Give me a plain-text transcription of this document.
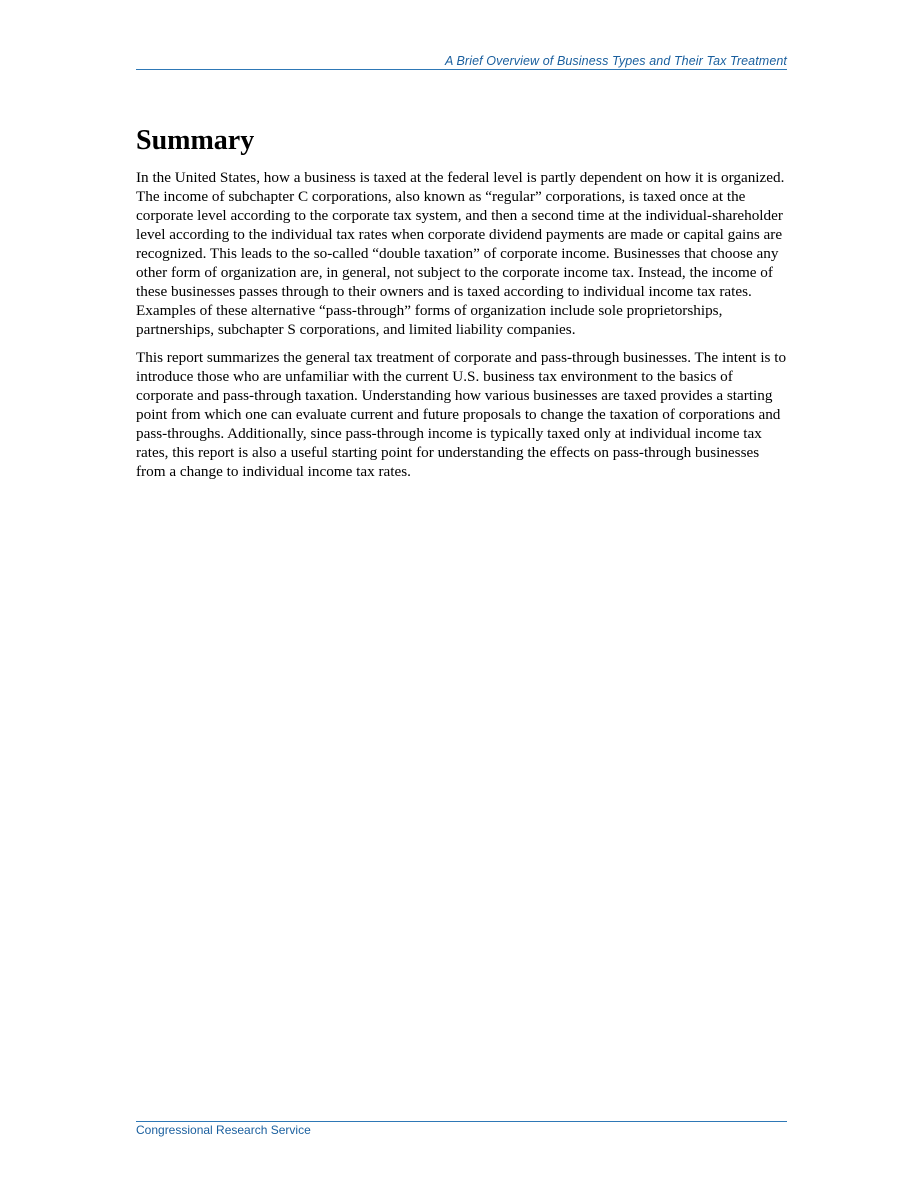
A Brief Overview of Business Types and Their Tax Treatment
Summary

In the United States, how a business is taxed at the federal level is partly dependent on how it is organized. The income of subchapter C corporations, also known as “regular” corporations, is taxed once at the corporate level according to the corporate tax system, and then a second time at the individual-shareholder level according to the individual tax rates when corporate dividend payments are made or capital gains are recognized. This leads to the so-called “double taxation” of corporate income. Businesses that choose any other form of organization are, in general, not subject to the corporate income tax. Instead, the income of these businesses passes through to their owners and is taxed according to individual income tax rates. Examples of these alternative “pass-through” forms of organization include sole proprietorships, partnerships, subchapter S corporations, and limited liability companies.

This report summarizes the general tax treatment of corporate and pass-through businesses. The intent is to introduce those who are unfamiliar with the current U.S. business tax environment to the basics of corporate and pass-through taxation. Understanding how various businesses are taxed provides a starting point from which one can evaluate current and future proposals to change the taxation of corporations and pass-throughs. Additionally, since pass-through income is typically taxed only at individual income tax rates, this report is also a useful starting point for understanding the effects on pass-through businesses from a change to individual income tax rates.

Congressional Research Service
